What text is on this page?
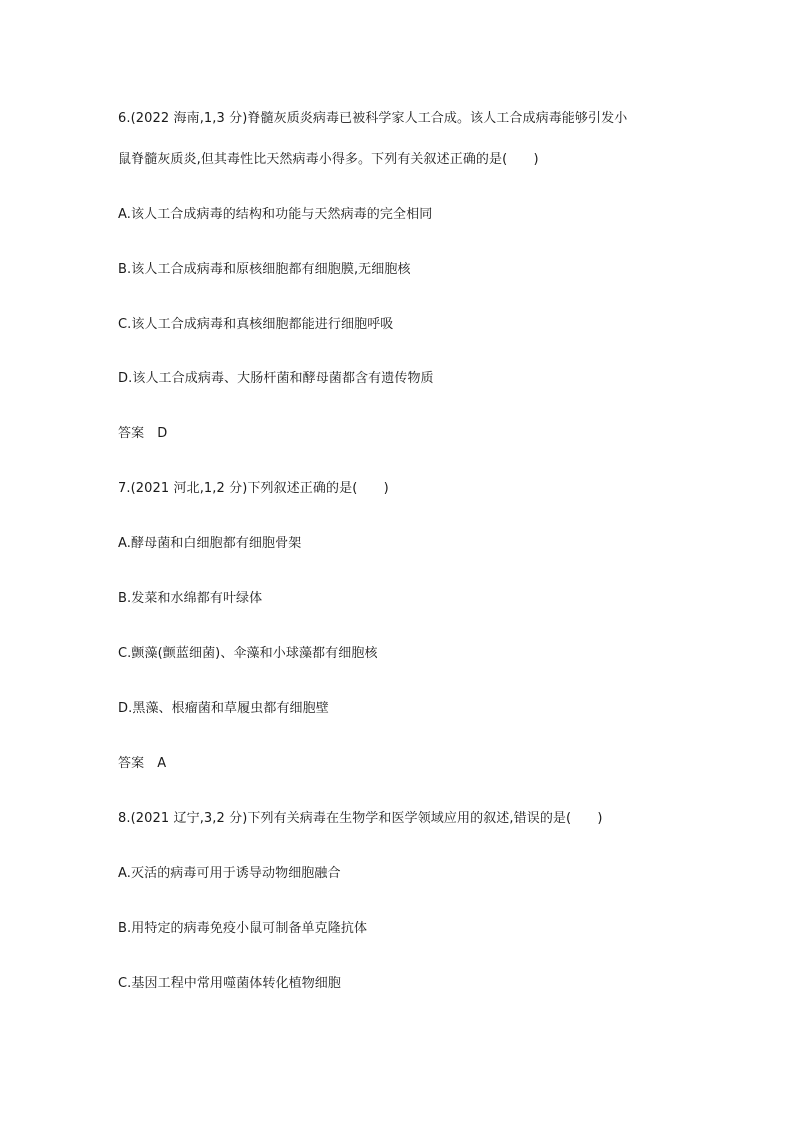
6.(2022 海南,1,3 分)脊髓灰质炎病毒已被科学家人工合成。该人工合成病毒能够引发小
鼠脊髓灰质炎,但其毒性比天然病毒小得多。下列有关叙述正确的是(　　)
A.该人工合成病毒的结构和功能与天然病毒的完全相同
B.该人工合成病毒和原核细胞都有细胞膜,无细胞核
C.该人工合成病毒和真核细胞都能进行细胞呼吸
D.该人工合成病毒、大肠杆菌和酵母菌都含有遗传物质
答案　D
7.(2021 河北,1,2 分)下列叙述正确的是(　　)
A.酵母菌和白细胞都有细胞骨架
B.发菜和水绵都有叶绿体
C.颤藻(颤蓝细菌)、伞藻和小球藻都有细胞核
D.黑藻、根瘤菌和草履虫都有细胞壁
答案　A
8.(2021 辽宁,3,2 分)下列有关病毒在生物学和医学领域应用的叙述,错误的是(　　)
A.灭活的病毒可用于诱导动物细胞融合
B.用特定的病毒免疫小鼠可制备单克隆抗体
C.基因工程中常用噬菌体转化植物细胞
